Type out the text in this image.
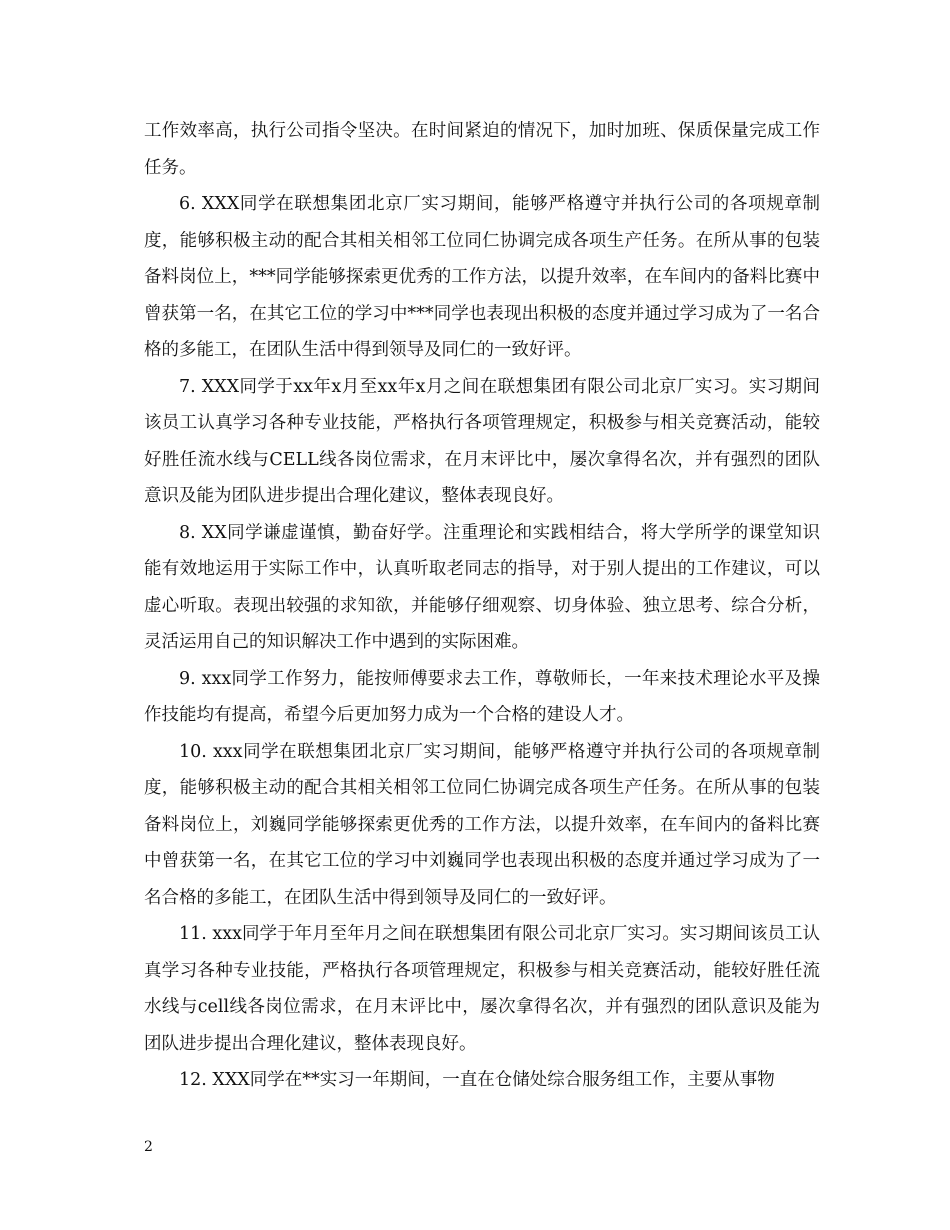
工作效率高，执行公司指令坚决。在时间紧迫的情况下，加时加班、保质保量完成工作任务。

6. XXX同学在联想集团北京厂实习期间，能够严格遵守并执行公司的各项规章制度，能够积极主动的配合其相关相邻工位同仁协调完成各项生产任务。在所从事的包装备料岗位上，***同学能够探索更优秀的工作方法，以提升效率，在车间内的备料比赛中曾获第一名，在其它工位的学习中***同学也表现出积极的态度并通过学习成为了一名合格的多能工，在团队生活中得到领导及同仁的一致好评。

7. XXX同学于xx年x月至xx年x月之间在联想集团有限公司北京厂实习。实习期间该员工认真学习各种专业技能，严格执行各项管理规定，积极参与相关竞赛活动，能较好胜任流水线与CELL线各岗位需求，在月末评比中，屡次拿得名次，并有强烈的团队意识及能为团队进步提出合理化建议，整体表现良好。

8. XX同学谦虚谨慎，勤奋好学。注重理论和实践相结合，将大学所学的课堂知识能有效地运用于实际工作中，认真听取老同志的指导，对于别人提出的工作建议，可以虚心听取。表现出较强的求知欲，并能够仔细观察、切身体验、独立思考、综合分析，灵活运用自己的知识解决工作中遇到的实际困难。

9. xxx同学工作努力，能按师傅要求去工作，尊敬师长，一年来技术理论水平及操作技能均有提高，希望今后更加努力成为一个合格的建设人才。

10. xxx同学在联想集团北京厂实习期间，能够严格遵守并执行公司的各项规章制度，能够积极主动的配合其相关相邻工位同仁协调完成各项生产任务。在所从事的包装备料岗位上，刘巍同学能够探索更优秀的工作方法，以提升效率，在车间内的备料比赛中曾获第一名，在其它工位的学习中刘巍同学也表现出积极的态度并通过学习成为了一名合格的多能工，在团队生活中得到领导及同仁的一致好评。

11. xxx同学于年月至年月之间在联想集团有限公司北京厂实习。实习期间该员工认真学习各种专业技能，严格执行各项管理规定，积极参与相关竞赛活动，能较好胜任流水线与cell线各岗位需求，在月末评比中，屡次拿得名次，并有强烈的团队意识及能为团队进步提出合理化建议，整体表现良好。

12. XXX同学在**实习一年期间，一直在仓储处综合服务组工作，主要从事物

2
